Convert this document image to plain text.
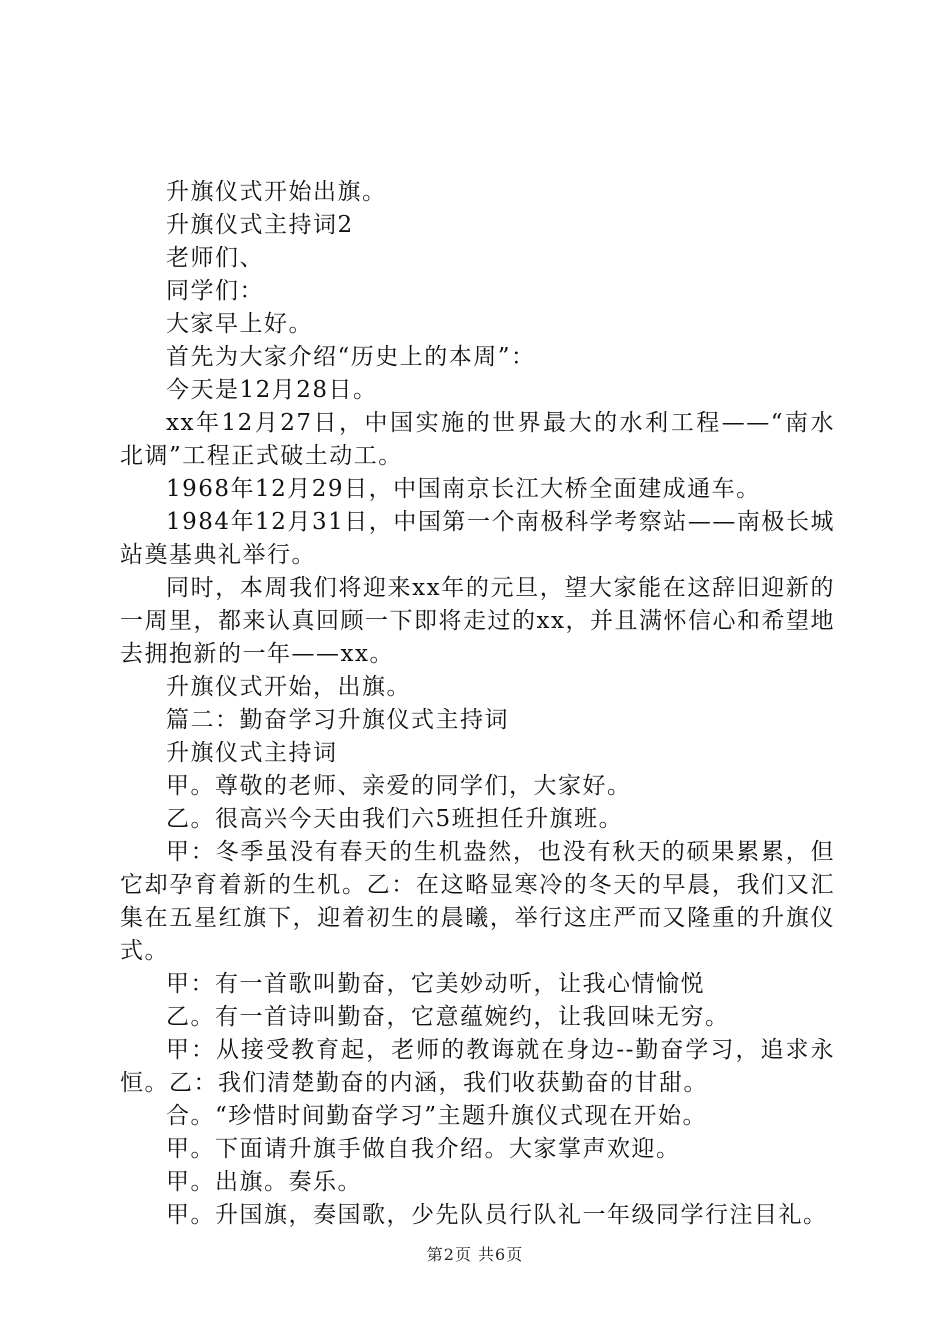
升旗仪式开始出旗。

升旗仪式主持词2

老师们、

同学们：

大家早上好。

首先为大家介绍“历史上的本周”：

今天是12月28日。

xx年12月27日，中国实施的世界最大的水利工程——“南水北调”工程正式破土动工。

1968年12月29日，中国南京长江大桥全面建成通车。

1984年12月31日，中国第一个南极科学考察站——南极长城站奠基典礼举行。

同时，本周我们将迎来xx年的元旦，望大家能在这辞旧迎新的一周里，都来认真回顾一下即将走过的xx，并且满怀信心和希望地去拥抱新的一年——xx。

升旗仪式开始，出旗。

篇二：勤奋学习升旗仪式主持词

升旗仪式主持词

甲。尊敬的老师、亲爱的同学们，大家好。

乙。很高兴今天由我们六5班担任升旗班。

甲：冬季虽没有春天的生机盎然，也没有秋天的硕果累累，但它却孕育着新的生机。乙：在这略显寒冷的冬天的早晨，我们又汇集在五星红旗下，迎着初生的晨曦，举行这庄严而又隆重的升旗仪式。

甲：有一首歌叫勤奋，它美妙动听，让我心情愉悦

乙。有一首诗叫勤奋，它意蕴婉约，让我回味无穷。

甲：从接受教育起，老师的教诲就在身边--勤奋学习，追求永恒。乙：我们清楚勤奋的内涵，我们收获勤奋的甘甜。

合。“珍惜时间勤奋学习”主题升旗仪式现在开始。

甲。下面请升旗手做自我介绍。大家掌声欢迎。

甲。出旗。奏乐。

甲。升国旗，奏国歌，少先队员行队礼一年级同学行注目礼。

第2页 共6页
